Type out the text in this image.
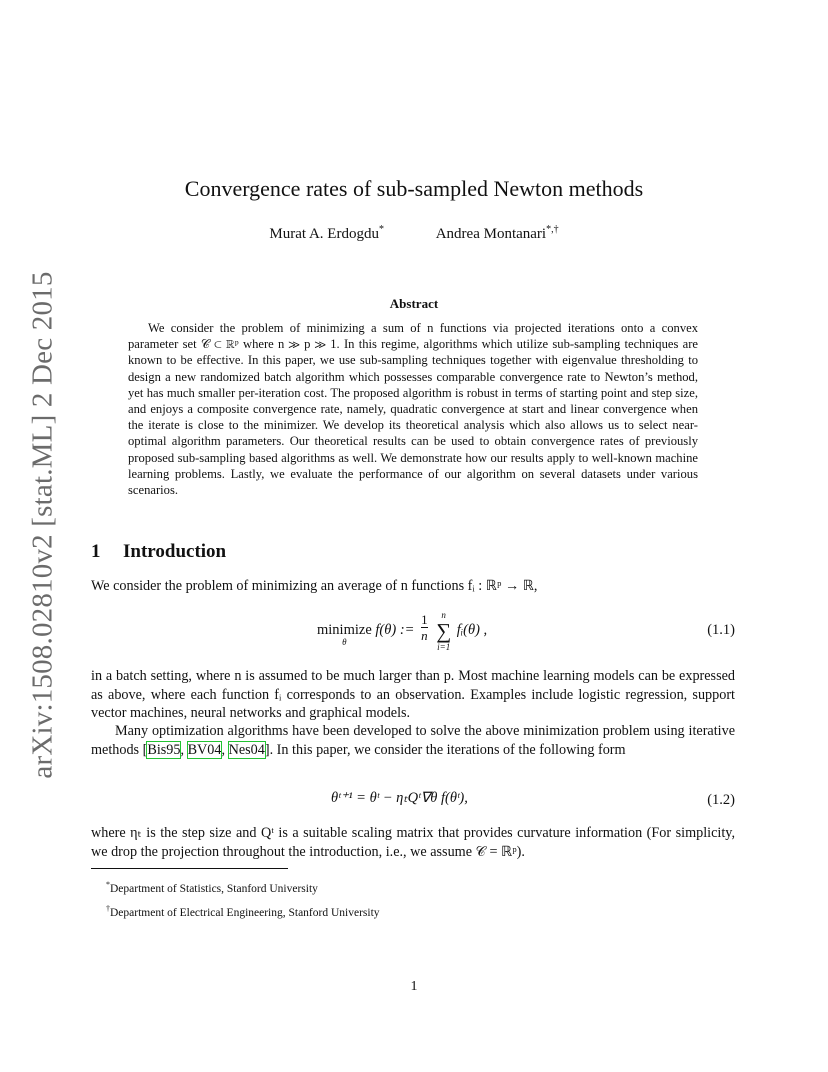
arXiv:1508.02810v2 [stat.ML] 2 Dec 2015
Convergence rates of sub-sampled Newton methods
Murat A. Erdogdu*	Andrea Montanari*,†
Abstract

We consider the problem of minimizing a sum of n functions via projected iterations onto a convex parameter set 𝒞 ⊂ ℝᵖ where n ≫ p ≫ 1. In this regime, algorithms which utilize sub-sampling techniques are known to be effective. In this paper, we use sub-sampling techniques together with eigenvalue thresholding to design a new randomized batch algorithm which possesses comparable convergence rate to Newton’s method, yet has much smaller per-iteration cost. The proposed algorithm is robust in terms of starting point and step size, and enjoys a composite convergence rate, namely, quadratic convergence at start and linear convergence when the iterate is close to the minimizer. We develop its theoretical analysis which also allows us to select near-optimal algorithm parameters. Our theoretical results can be used to obtain convergence rates of previously proposed sub-sampling based algorithms as well. We demonstrate how our results apply to well-known machine learning problems. Lastly, we evaluate the performance of our algorithm on several datasets under various scenarios.

1 Introduction

We consider the problem of minimizing an average of n functions fᵢ : ℝᵖ → ℝ,

minimize
θ
f(θ) := $\frac{1}{n}$
	n
∑
i=1
fᵢ(θ) ,	(1.1)

in a batch setting, where n is assumed to be much larger than p. Most machine learning models can be expressed as above, where each function fᵢ corresponds to an observation. Examples include logistic regression, support vector machines, neural networks and graphical models.

Many optimization algorithms have been developed to solve the above minimization problem using iterative methods [Bis95, BV04, Nes04]. In this paper, we consider the iterations of the following form

θᵗ⁺¹ = θᵗ − ηₜQᵗ∇θ f(θᵗ),	(1.2)

where ηₜ is the step size and Qᵗ is a suitable scaling matrix that provides curvature information (For simplicity, we drop the projection throughout the introduction, i.e., we assume 𝒞 = ℝᵖ).

*Department of Statistics, Stanford University
†Department of Electrical Engineering, Stanford University
1
